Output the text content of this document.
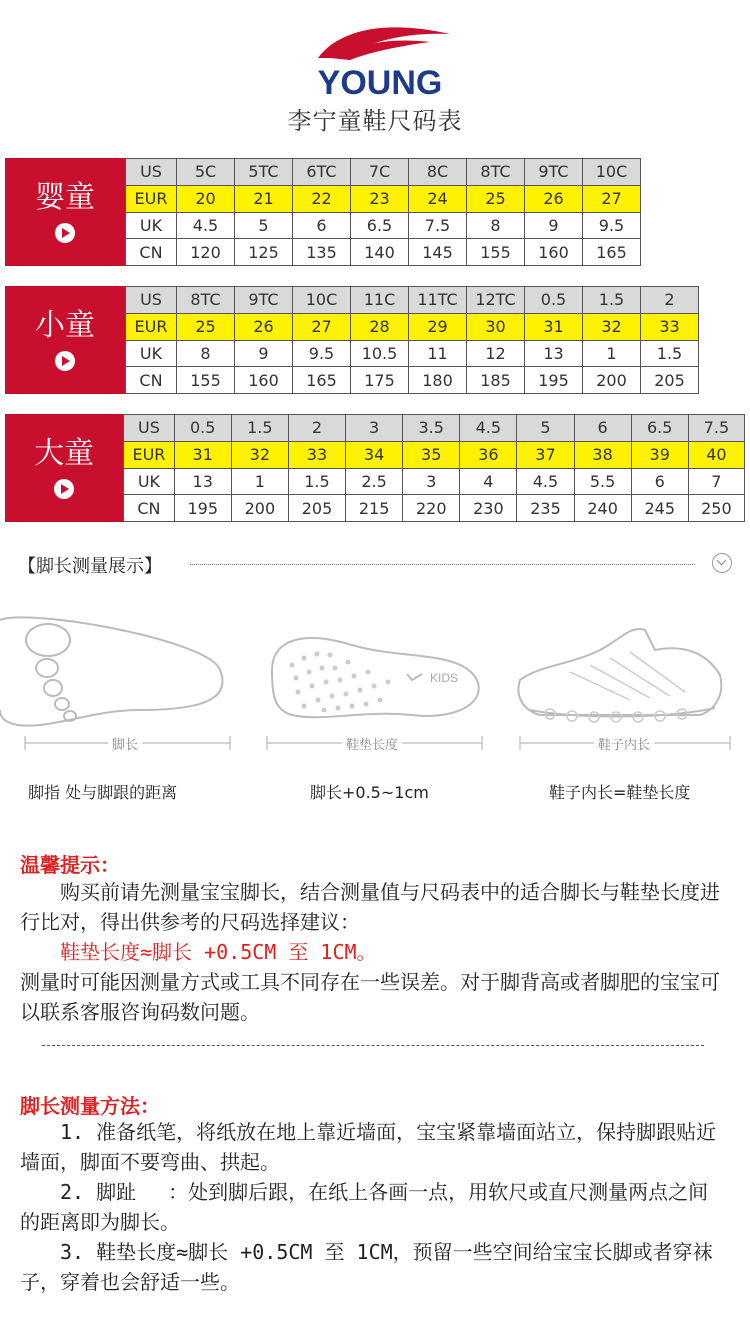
YOUNG
李宁童鞋尺码表
婴童
US	5C	5TC	6TC	7C	8C	8TC	9TC	10C
EUR	20	21	22	23	24	25	26	27
UK	4.5	5	6	6.5	7.5	8	9	9.5
CN	120	125	135	140	145	155	160	165
小童
US	8TC	9TC	10C	11C	11TC	12TC	0.5	1.5	2
EUR	25	26	27	28	29	30	31	32	33
UK	8	9	9.5	10.5	11	12	13	1	1.5
CN	155	160	165	175	180	185	195	200	205
大童
US	0.5	1.5	2	3	3.5	4.5	5	6	6.5	7.5
EUR	31	32	33	34	35	36	37	38	39	40
UK	13	1	1.5	2.5	3	4	4.5	5.5	6	7
CN	195	200	205	215	220	230	235	240	245	250
【脚长测量展示】
脚长
KIDS
鞋垫长度	鞋子内长
脚指 处与脚跟的距离	脚长+0.5~1cm	鞋子内长=鞋垫长度
温馨提示：

　　购买前请先测量宝宝脚长，结合测量值与尺码表中的适合脚长与鞋垫长度进行比对，得出供参考的尺码选择建议：

　　鞋垫长度≈脚长 +0.5CM 至 1CM。

测量时可能因测量方式或工具不同存在一些误差。对于脚背高或者脚肥的宝宝可以联系客服咨询码数问题。

脚长测量方法：

　　1. 准备纸笔，将纸放在地上靠近墙面，宝宝紧靠墙面站立，保持脚跟贴近墙面，脚面不要弯曲、拱起。

　　2. 脚趾　 ：处到脚后跟，在纸上各画一点，用软尺或直尺测量两点之间的距离即为脚长。

　　3. 鞋垫长度≈脚长 +0.5CM 至 1CM，预留一些空间给宝宝长脚或者穿袜子，穿着也会舒适一些。
